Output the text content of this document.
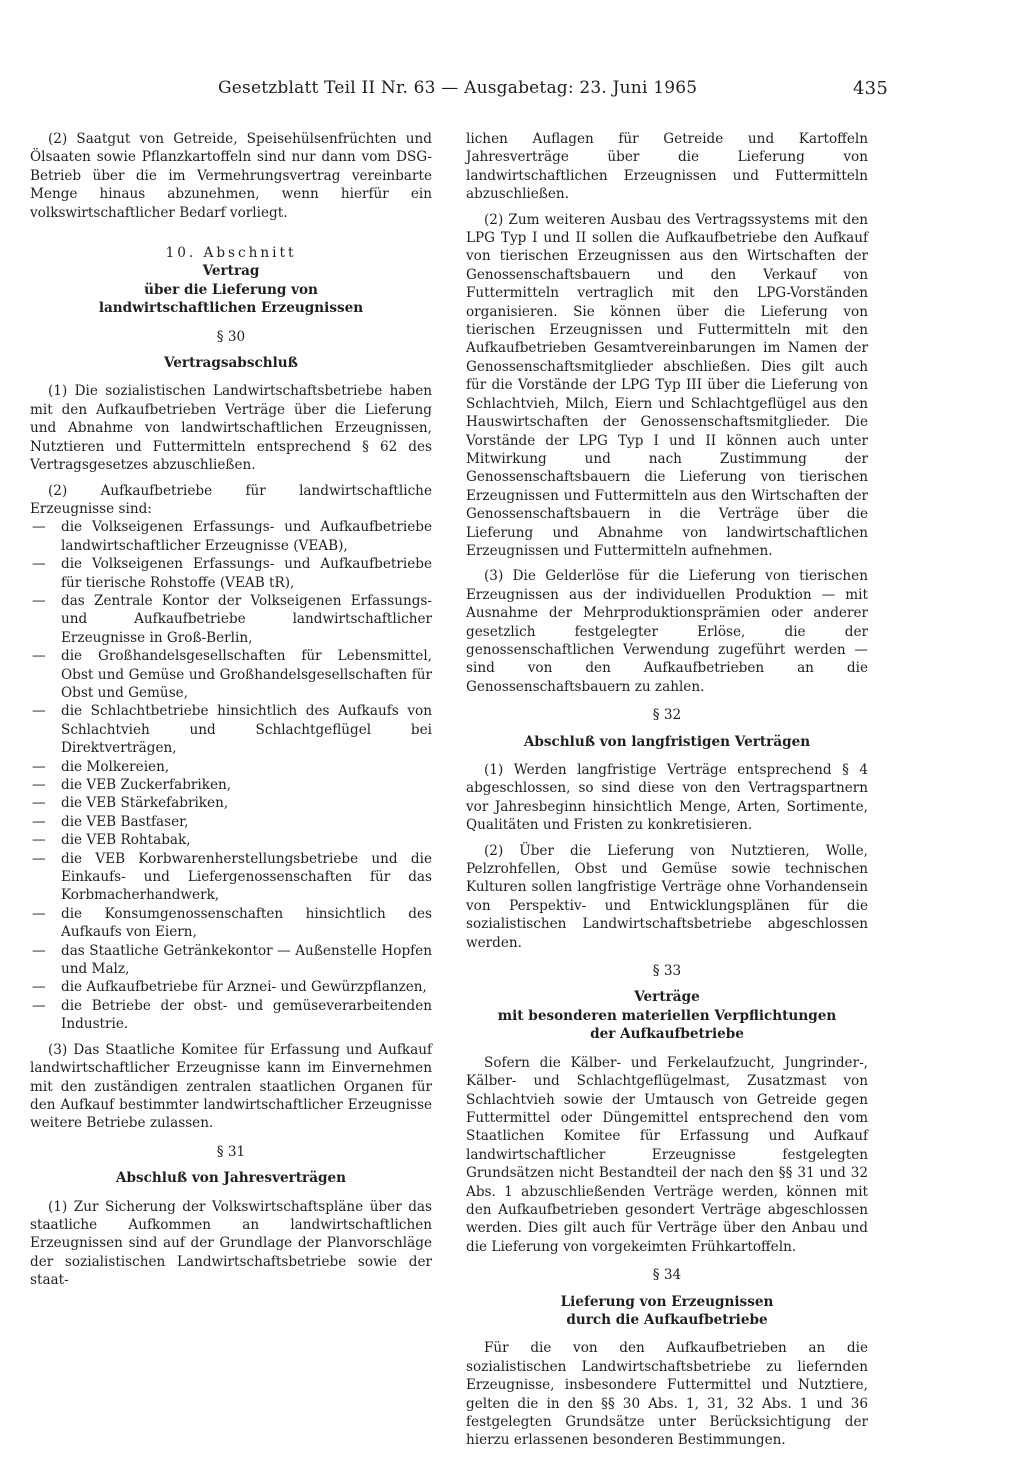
Gesetzblatt Teil II Nr. 63 — Ausgabetag: 23. Juni 1965	435

(2) Saatgut von Getreide, Speisehülsenfrüchten und Ölsaaten sowie Pflanzkartoffeln sind nur dann vom DSG-Betrieb über die im Vermehrungsvertrag vereinbarte Menge hinaus abzunehmen, wenn hierfür ein volkswirtschaftlicher Bedarf vorliegt.

10. Abschnitt
Vertrag
über die Lieferung von
landwirtschaftlichen Erzeugnissen
§ 30
Vertragsabschluß

(1) Die sozialistischen Landwirtschaftsbetriebe haben mit den Aufkaufbetrieben Verträge über die Lieferung und Abnahme von landwirtschaftlichen Erzeugnissen, Nutztieren und Futtermitteln entsprechend § 62 des Vertragsgesetzes abzuschließen.

(2) Aufkaufbetriebe für landwirtschaftliche Erzeugnisse sind:

— die Volkseigenen Erfassungs- und Aufkaufbetriebe landwirtschaftlicher Erzeugnisse (VEAB),
— die Volkseigenen Erfassungs- und Aufkaufbetriebe für tierische Rohstoffe (VEAB tR),
— das Zentrale Kontor der Volkseigenen Erfassungs- und Aufkaufbetriebe landwirtschaftlicher Erzeugnisse in Groß-Berlin,
— die Großhandelsgesellschaften für Lebensmittel, Obst und Gemüse und Großhandelsgesellschaften für Obst und Gemüse,
— die Schlachtbetriebe hinsichtlich des Aufkaufs von Schlachtvieh und Schlachtgeflügel bei Direktverträgen,
— die Molkereien,
— die VEB Zuckerfabriken,
— die VEB Stärkefabriken,
— die VEB Bastfaser,
— die VEB Rohtabak,
— die VEB Korbwarenherstellungsbetriebe und die Einkaufs- und Liefergenossenschaften für das Korbmacherhandwerk,
— die Konsumgenossenschaften hinsichtlich des Aufkaufs von Eiern,
— das Staatliche Getränkekontor — Außenstelle Hopfen und Malz,
— die Aufkaufbetriebe für Arznei- und Gewürzpflanzen,
— die Betriebe der obst- und gemüseverarbeitenden Industrie.

(3) Das Staatliche Komitee für Erfassung und Aufkauf landwirtschaftlicher Erzeugnisse kann im Einvernehmen mit den zuständigen zentralen staatlichen Organen für den Aufkauf bestimmter landwirtschaftlicher Erzeugnisse weitere Betriebe zulassen.

§ 31
Abschluß von Jahresverträgen

(1) Zur Sicherung der Volkswirtschaftspläne über das staatliche Aufkommen an landwirtschaftlichen Erzeugnissen sind auf der Grundlage der Planvorschläge der sozialistischen Landwirtschaftsbetriebe sowie der staat-

lichen Auflagen für Getreide und Kartoffeln Jahresverträge über die Lieferung von landwirtschaftlichen Erzeugnissen und Futtermitteln abzuschließen.

(2) Zum weiteren Ausbau des Vertragssystems mit den LPG Typ I und II sollen die Aufkaufbetriebe den Aufkauf von tierischen Erzeugnissen aus den Wirtschaften der Genossenschaftsbauern und den Verkauf von Futtermitteln vertraglich mit den LPG-Vorständen organisieren. Sie können über die Lieferung von tierischen Erzeugnissen und Futtermitteln mit den Aufkaufbetrieben Gesamtvereinbarungen im Namen der Genossenschaftsmitglieder abschließen. Dies gilt auch für die Vorstände der LPG Typ III über die Lieferung von Schlachtvieh, Milch, Eiern und Schlachtgeflügel aus den Hauswirtschaften der Genossenschaftsmitglieder. Die Vorstände der LPG Typ I und II können auch unter Mitwirkung und nach Zustimmung der Genossenschaftsbauern die Lieferung von tierischen Erzeugnissen und Futtermitteln aus den Wirtschaften der Genossenschaftsbauern in die Verträge über die Lieferung und Abnahme von landwirtschaftlichen Erzeugnissen und Futtermitteln aufnehmen.

(3) Die Gelderlöse für die Lieferung von tierischen Erzeugnissen aus der individuellen Produktion — mit Ausnahme der Mehrproduktionsprämien oder anderer gesetzlich festgelegter Erlöse, die der genossenschaftlichen Verwendung zugeführt werden — sind von den Aufkaufbetrieben an die Genossenschaftsbauern zu zahlen.

§ 32
Abschluß von langfristigen Verträgen

(1) Werden langfristige Verträge entsprechend § 4 abgeschlossen, so sind diese von den Vertragspartnern vor Jahresbeginn hinsichtlich Menge, Arten, Sortimente, Qualitäten und Fristen zu konkretisieren.

(2) Über die Lieferung von Nutztieren, Wolle, Pelzrohfellen, Obst und Gemüse sowie technischen Kulturen sollen langfristige Verträge ohne Vorhandensein von Perspektiv- und Entwicklungsplänen für die sozialistischen Landwirtschaftsbetriebe abgeschlossen werden.

§ 33
Verträge
mit besonderen materiellen Verpflichtungen
der Aufkaufbetriebe

Sofern die Kälber- und Ferkelaufzucht, Jungrinder-, Kälber- und Schlachtgeflügelmast, Zusatzmast von Schlachtvieh sowie der Umtausch von Getreide gegen Futtermittel oder Düngemittel entsprechend den vom Staatlichen Komitee für Erfassung und Aufkauf landwirtschaftlicher Erzeugnisse festgelegten Grundsätzen nicht Bestandteil der nach den §§ 31 und 32 Abs. 1 abzuschließenden Verträge werden, können mit den Aufkaufbetrieben gesondert Verträge abgeschlossen werden. Dies gilt auch für Verträge über den Anbau und die Lieferung von vorgekeimten Frühkartoffeln.

§ 34
Lieferung von Erzeugnissen
durch die Aufkaufbetriebe

Für die von den Aufkaufbetrieben an die sozialistischen Landwirtschaftsbetriebe zu liefernden Erzeugnisse, insbesondere Futtermittel und Nutztiere, gelten die in den §§ 30 Abs. 1, 31, 32 Abs. 1 und 36 festgelegten Grundsätze unter Berücksichtigung der hierzu erlassenen besonderen Bestimmungen.
